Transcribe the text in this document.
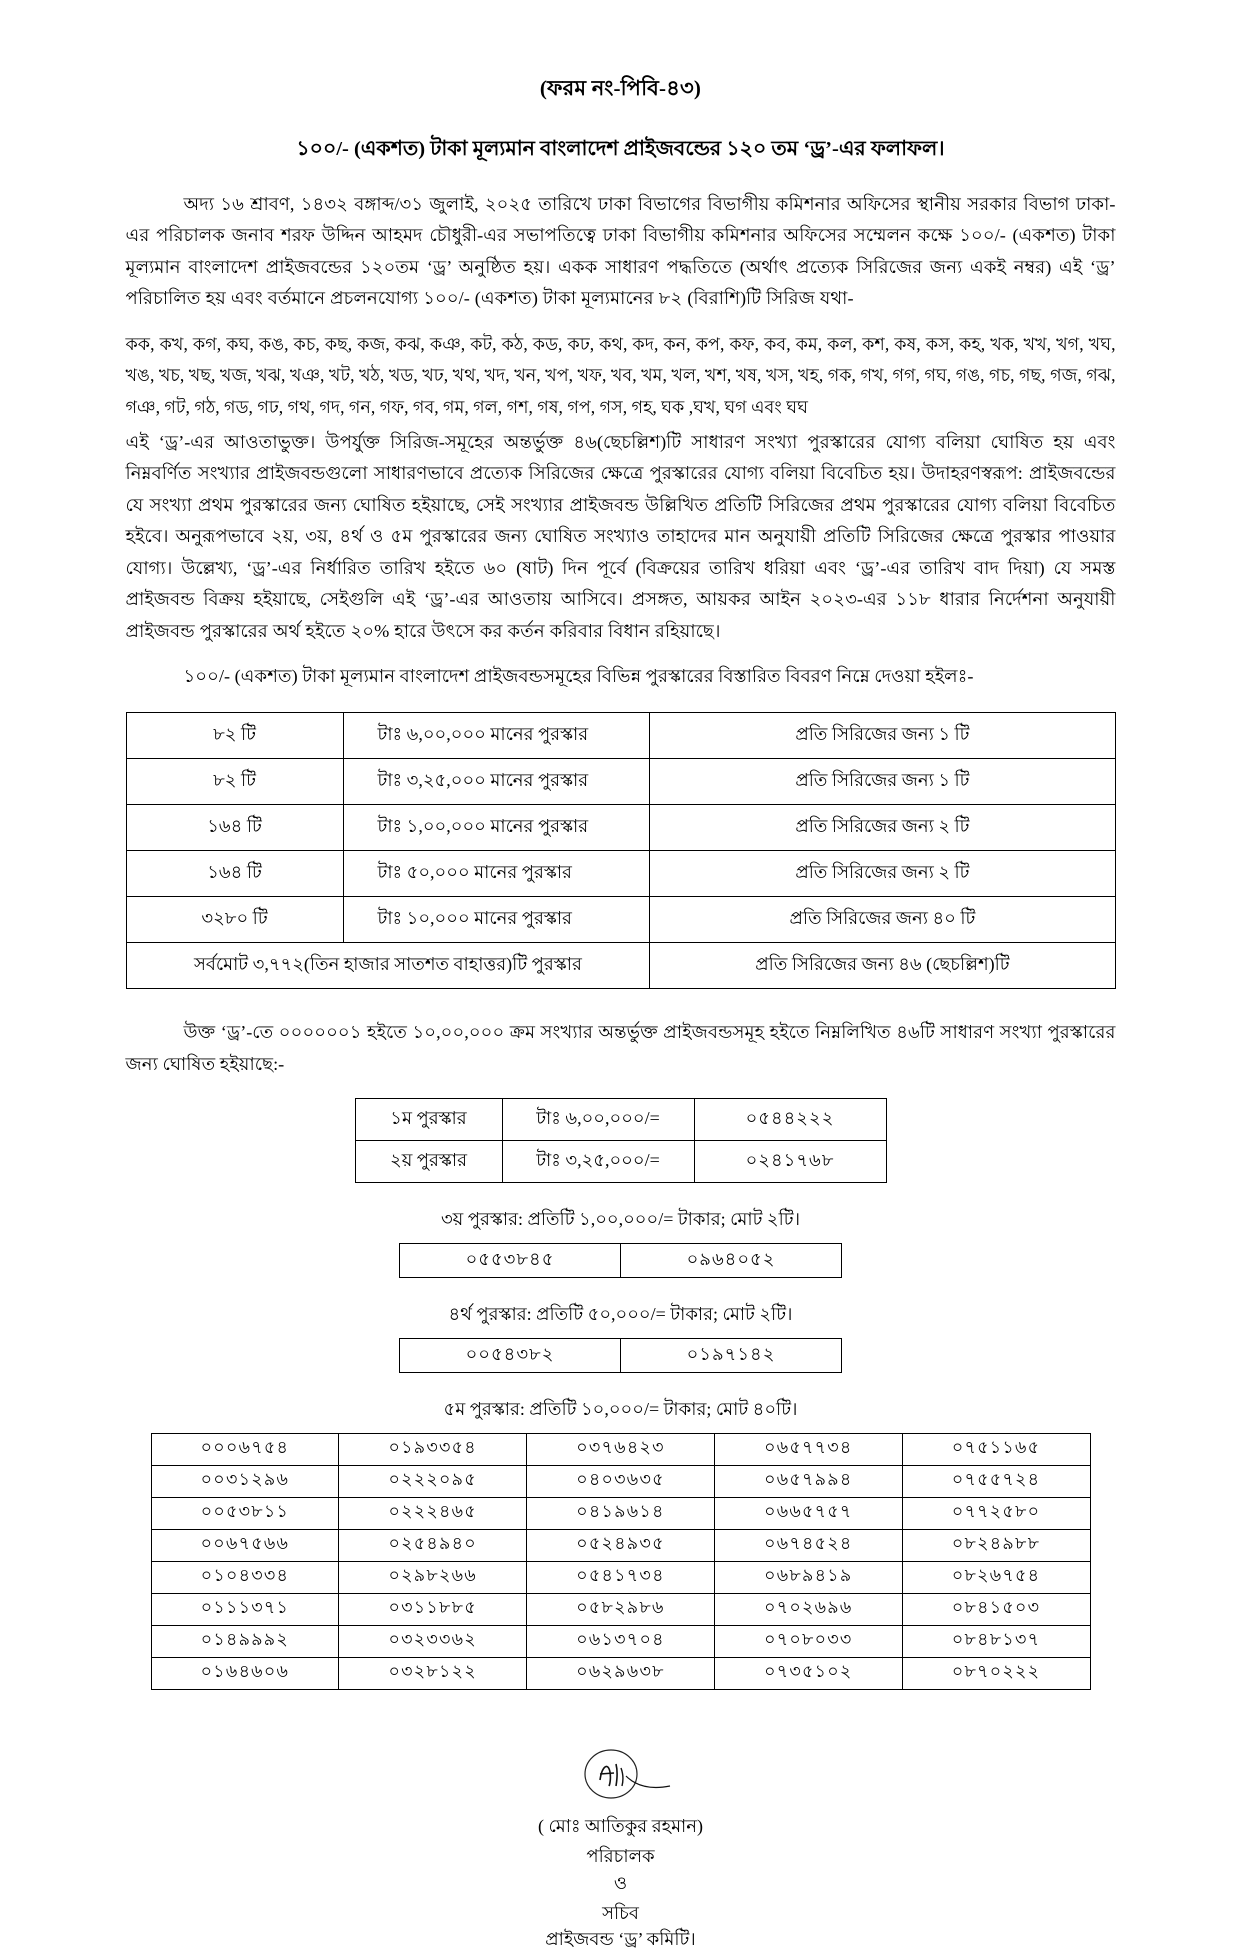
(ফরম নং-পিবি-৪৩)
১০০/- (একশত) টাকা মূল্যমান বাংলাদেশ প্রাইজবন্ডের ১২০ তম ‘ড্র’-এর ফলাফল।

অদ্য ১৬ শ্রাবণ, ১৪৩২ বঙ্গাব্দ/৩১ জুলাই, ২০২৫ তারিখে ঢাকা বিভাগের বিভাগীয় কমিশনার অফিসের স্থানীয় সরকার বিভাগ ঢাকা-এর পরিচালক জনাব শরফ উদ্দিন আহমদ চৌধুরী-এর সভাপতিত্বে ঢাকা বিভাগীয় কমিশনার অফিসের সম্মেলন কক্ষে ১০০/- (একশত) টাকা মূল্যমান বাংলাদেশ প্রাইজবন্ডের ১২০তম ‘ড্র’ অনুষ্ঠিত হয়। একক সাধারণ পদ্ধতিতে (অর্থাৎ প্রত্যেক সিরিজের জন্য একই নম্বর) এই ‘ড্র’ পরিচালিত হয় এবং বর্তমানে প্রচলনযোগ্য ১০০/- (একশত) টাকা মূল্যমানের ৮২ (বিরাশি)টি সিরিজ যথা-

কক, কখ, কগ, কঘ, কঙ, কচ, কছ, কজ, কঝ, কঞ, কট, কঠ, কড, কঢ, কথ, কদ, কন, কপ, কফ, কব, কম, কল, কশ, কষ, কস, কহ, খক, খখ, খগ, খঘ, খঙ, খচ, খছ, খজ, খঝ, খঞ, খট, খঠ, খড, খঢ, খথ, খদ, খন, খপ, খফ, খব, খম, খল, খশ, খষ, খস, খহ, গক, গখ, গগ, গঘ, গঙ, গচ, গছ, গজ, গঝ, গঞ, গট, গঠ, গড, গঢ, গথ, গদ, গন, গফ, গব, গম, গল, গশ, গষ, গপ, গস, গহ, ঘক ,ঘখ, ঘগ এবং ঘঘ

এই ‘ড্র’-এর আওতাভুক্ত। উপর্যুক্ত সিরিজ-সমূহের অন্তর্ভুক্ত ৪৬(ছেচল্লিশ)টি সাধারণ সংখ্যা পুরস্কারের যোগ্য বলিয়া ঘোষিত হয় এবং নিম্নবর্ণিত সংখ্যার প্রাইজবন্ডগুলো সাধারণভাবে প্রত্যেক সিরিজের ক্ষেত্রে পুরস্কারের যোগ্য বলিয়া বিবেচিত হয়। উদাহরণস্বরূপ: প্রাইজবন্ডের যে সংখ্যা প্রথম পুরস্কারের জন্য ঘোষিত হইয়াছে, সেই সংখ্যার প্রাইজবন্ড উল্লিখিত প্রতিটি সিরিজের প্রথম পুরস্কারের যোগ্য বলিয়া বিবেচিত হইবে। অনুরূপভাবে ২য়, ৩য়, ৪র্থ ও ৫ম পুরস্কারের জন্য ঘোষিত সংখ্যাও তাহাদের মান অনুযায়ী প্রতিটি সিরিজের ক্ষেত্রে পুরস্কার পাওয়ার যোগ্য। উল্লেখ্য, ‘ড্র’-এর নির্ধারিত তারিখ হইতে ৬০ (ষাট) দিন পূর্বে (বিক্রয়ের তারিখ ধরিয়া এবং ‘ড্র’-এর তারিখ বাদ দিয়া) যে সমস্ত প্রাইজবন্ড বিক্রয় হইয়াছে, সেইগুলি এই ‘ড্র’-এর আওতায় আসিবে। প্রসঙ্গত, আয়কর আইন ২০২৩-এর ১১৮ ধারার নির্দেশনা অনুযায়ী প্রাইজবন্ড পুরস্কারের অর্থ হইতে ২০% হারে উৎসে কর কর্তন করিবার বিধান রহিয়াছে।

১০০/- (একশত) টাকা মূল্যমান বাংলাদেশ প্রাইজবন্ডসমূহের বিভিন্ন পুরস্কারের বিস্তারিত বিবরণ নিম্নে দেওয়া হইলঃ-

৮২ টি	টাঃ ৬,০০,০০০ মানের পুরস্কার	প্রতি সিরিজের জন্য ১ টি
৮২ টি	টাঃ ৩,২৫,০০০ মানের পুরস্কার	প্রতি সিরিজের জন্য ১ টি
১৬৪ টি	টাঃ ১,০০,০০০ মানের পুরস্কার	প্রতি সিরিজের জন্য ২ টি
১৬৪ টি	টাঃ ৫০,০০০ মানের পুরস্কার	প্রতি সিরিজের জন্য ২ টি
৩২৮০ টি	টাঃ ১০,০০০ মানের পুরস্কার	প্রতি সিরিজের জন্য ৪০ টি
সর্বমোট ৩,৭৭২(তিন হাজার সাতশত বাহাত্তর)টি পুরস্কার		প্রতি সিরিজের জন্য ৪৬ (ছেচল্লিশ)টি

উক্ত ‘ড্র’-তে ০০০০০০১ হইতে ১০,০০,০০০ ক্রম সংখ্যার অন্তর্ভুক্ত প্রাইজবন্ডসমূহ হইতে নিম্নলিখিত ৪৬টি সাধারণ সংখ্যা পুরস্কারের জন্য ঘোষিত হইয়াছে:-

১ম পুরস্কার	টাঃ ৬,০০,০০০/=	০৫৪৪২২২
২য় পুরস্কার	টাঃ ৩,২৫,০০০/=	০২৪১৭৬৮
৩য় পুরস্কার: প্রতিটি ১,০০,০০০/= টাকার; মোট ২টি।
০৫৫৩৮৪৫	০৯৬৪০৫২
৪র্থ পুরস্কার: প্রতিটি ৫০,০০০/= টাকার; মোট ২টি।
০০৫৪৩৮২	০১৯৭১৪২
৫ম পুরস্কার: প্রতিটি ১০,০০০/= টাকার; মোট ৪০টি।
০০০৬৭৫৪	০১৯৩৩৫৪	০৩৭৬৪২৩	০৬৫৭৭৩৪	০৭৫১১৬৫
০০৩১২৯৬	০২২২০৯৫	০৪০৩৬৩৫	০৬৫৭৯৯৪	০৭৫৫৭২৪
০০৫৩৮১১	০২২২৪৬৫	০৪১৯৬১৪	০৬৬৫৭৫৭	০৭৭২৫৮০
০০৬৭৫৬৬	০২৫৪৯৪০	০৫২৪৯৩৫	০৬৭৪৫২৪	০৮২৪৯৮৮
০১০৪৩৩৪	০২৯৮২৬৬	০৫৪১৭৩৪	০৬৮৯৪১৯	০৮২৬৭৫৪
০১১১৩৭১	০৩১১৮৮৫	০৫৮২৯৮৬	০৭০২৬৯৬	০৮৪১৫০৩
০১৪৯৯৯২	০৩২৩৩৬২	০৬১৩৭০৪	০৭০৮০৩৩	০৮৪৮১৩৭
০১৬৪৬০৬	০৩২৮১২২	০৬২৯৬৩৮	০৭৩৫১০২	০৮৭০২২২
( মোঃ আতিকুর রহমান)
পরিচালক
ও
সচিব
প্রাইজবন্ড ‘ড্র’ কমিটি।
